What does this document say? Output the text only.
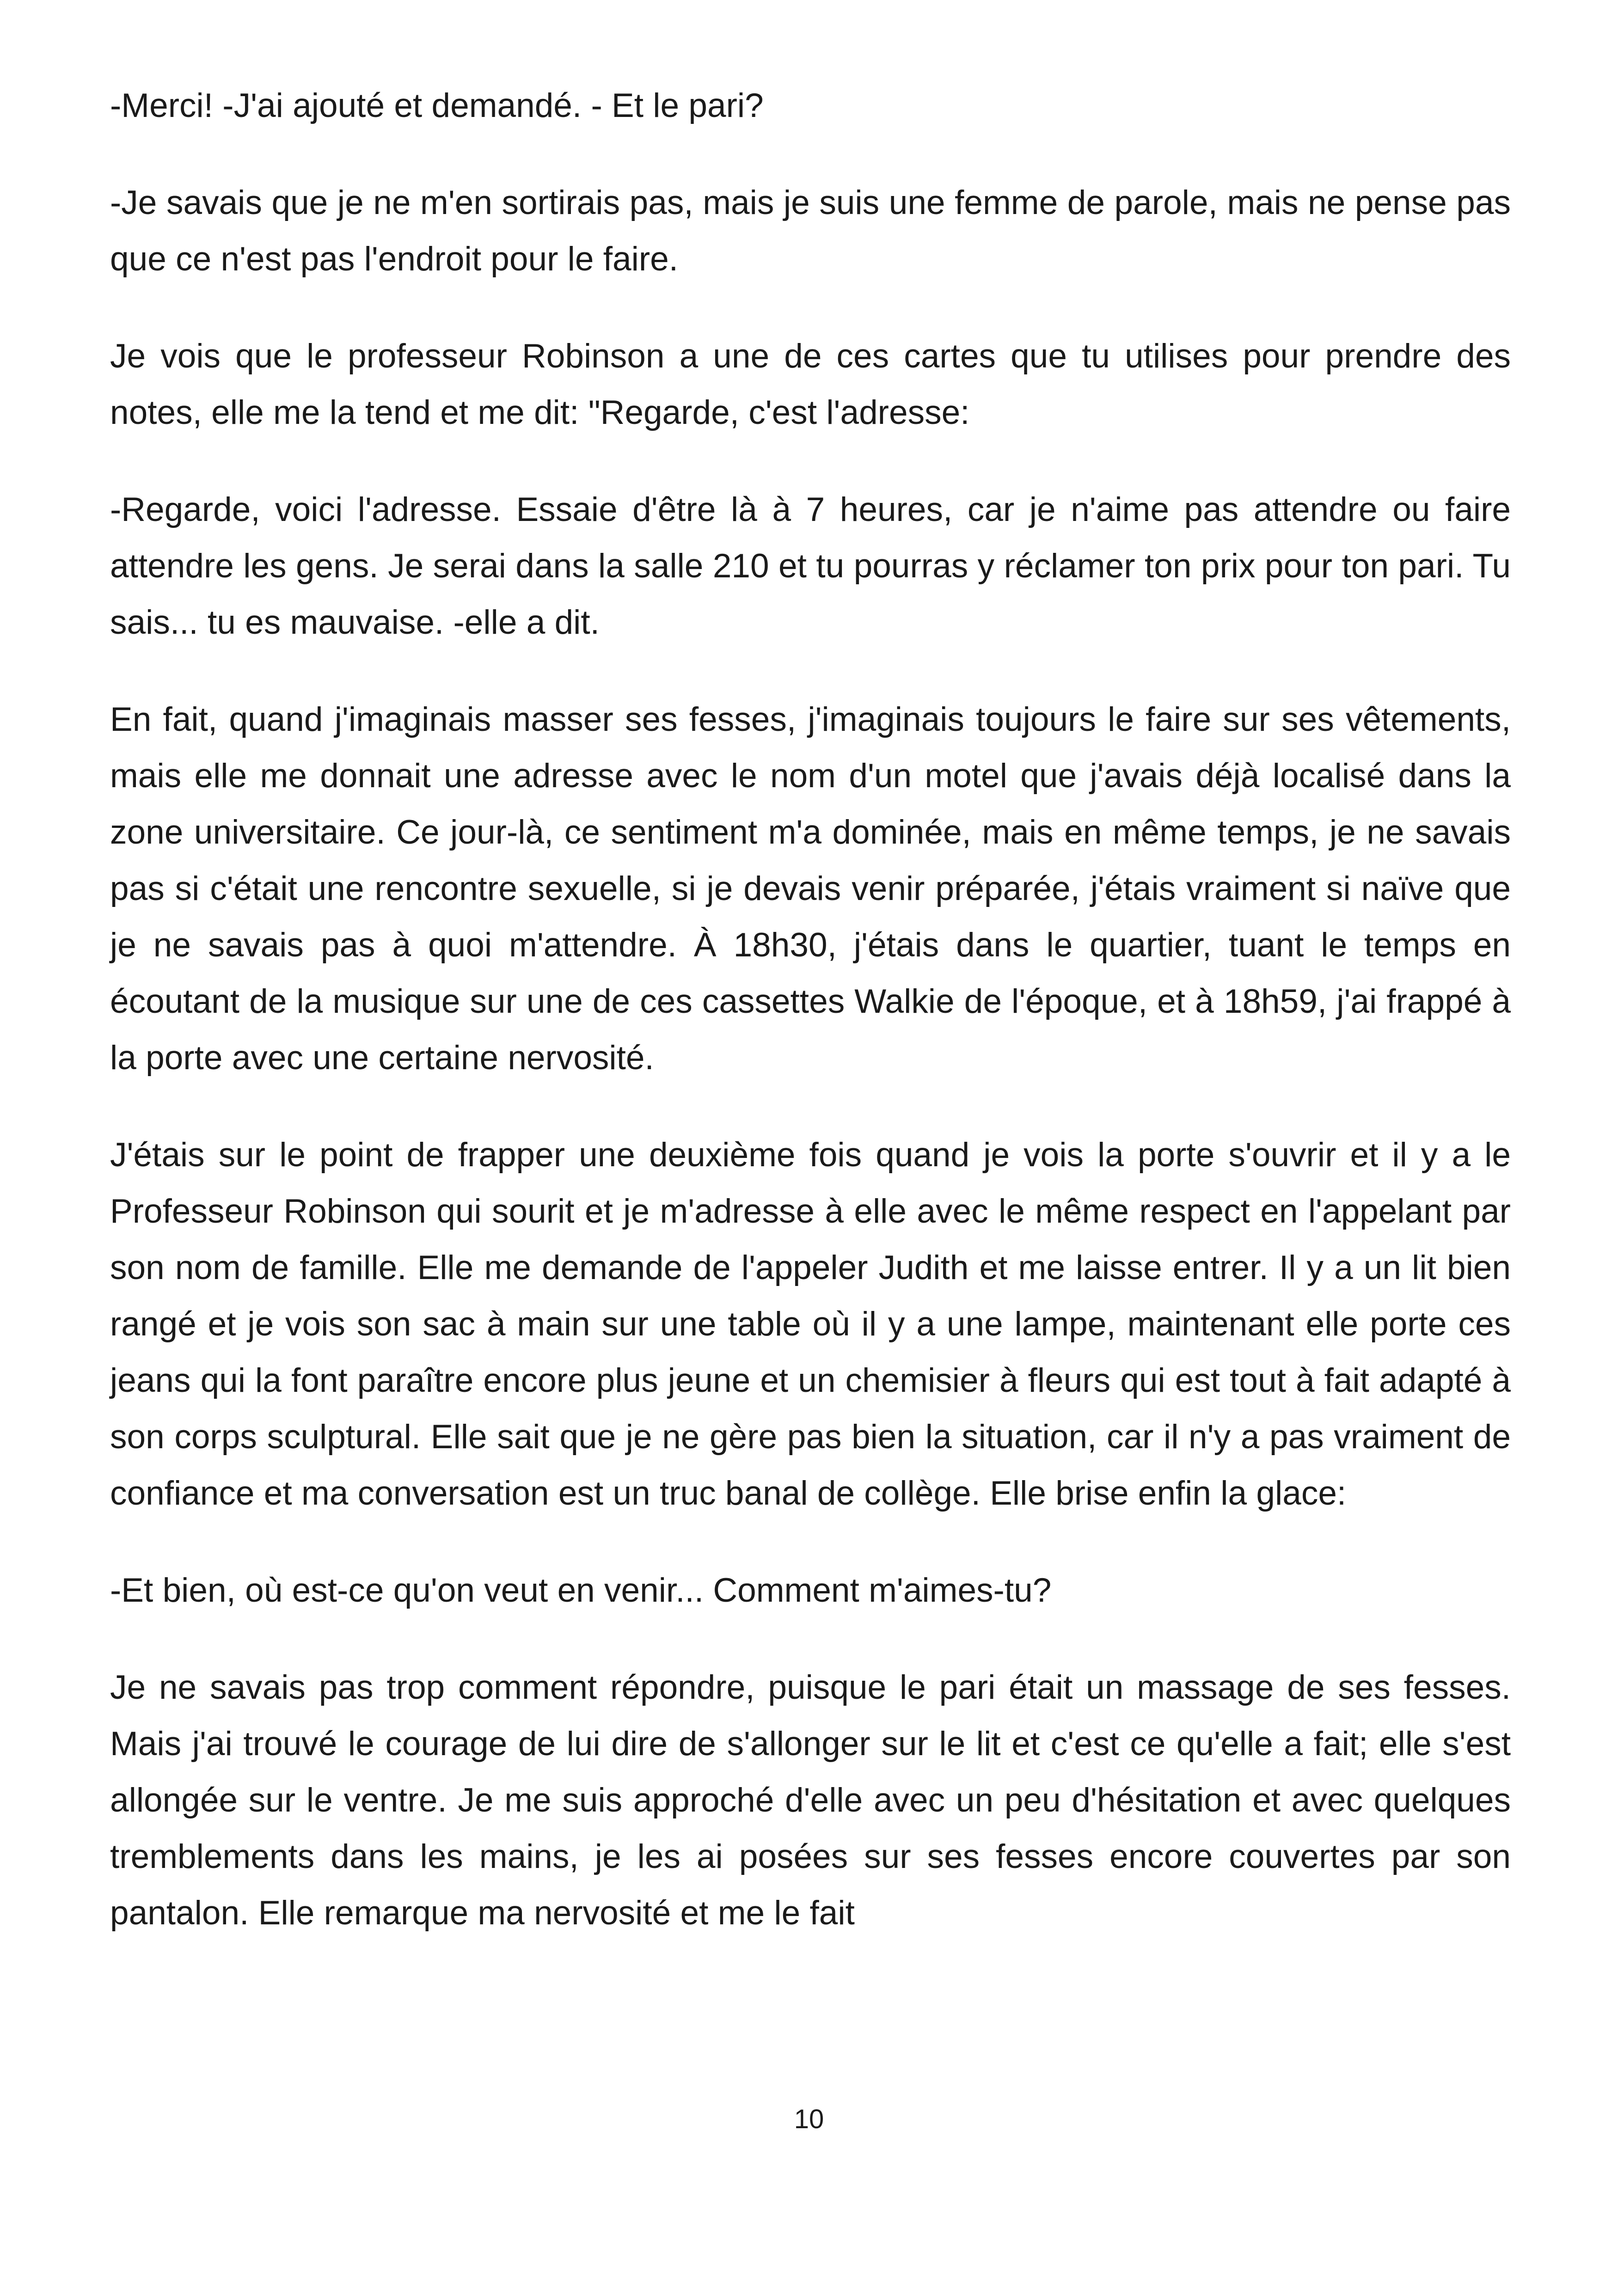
-Merci! -J'ai ajouté et demandé. - Et le pari?

-Je savais que je ne m'en sortirais pas, mais je suis une femme de parole, mais ne pense pas que ce n'est pas l'endroit pour le faire.

Je vois que le professeur Robinson a une de ces cartes que tu utilises pour prendre des notes, elle me la tend et me dit: "Regarde, c'est l'adresse:

-Regarde, voici l'adresse. Essaie d'être là à 7 heures, car je n'aime pas attendre ou faire attendre les gens. Je serai dans la salle 210 et tu pourras y réclamer ton prix pour ton pari. Tu sais... tu es mauvaise. -elle a dit.

En fait, quand j'imaginais masser ses fesses, j'imaginais toujours le faire sur ses vêtements, mais elle me donnait une adresse avec le nom d'un motel que j'avais déjà localisé dans la zone universitaire. Ce jour-là, ce sentiment m'a dominée, mais en même temps, je ne savais pas si c'était une rencontre sexuelle, si je devais venir préparée, j'étais vraiment si naïve que je ne savais pas à quoi m'attendre. À 18h30, j'étais dans le quartier, tuant le temps en écoutant de la musique sur une de ces cassettes Walkie de l'époque, et à 18h59, j'ai frappé à la porte avec une certaine nervosité.

J'étais sur le point de frapper une deuxième fois quand je vois la porte s'ouvrir et il y a le Professeur Robinson qui sourit et je m'adresse à elle avec le même respect en l'appelant par son nom de famille. Elle me demande de l'appeler Judith et me laisse entrer. Il y a un lit bien rangé et je vois son sac à main sur une table où il y a une lampe, maintenant elle porte ces jeans qui la font paraître encore plus jeune et un chemisier à fleurs qui est tout à fait adapté à son corps sculptural. Elle sait que je ne gère pas bien la situation, car il n'y a pas vraiment de confiance et ma conversation est un truc banal de collège. Elle brise enfin la glace:

-Et bien, où est-ce qu'on veut en venir... Comment m'aimes-tu?

Je ne savais pas trop comment répondre, puisque le pari était un massage de ses fesses. Mais j'ai trouvé le courage de lui dire de s'allonger sur le lit et c'est ce qu'elle a fait; elle s'est allongée sur le ventre. Je me suis approché d'elle avec un peu d'hésitation et avec quelques tremblements dans les mains, je les ai posées sur ses fesses encore couvertes par son pantalon. Elle remarque ma nervosité et me le fait

10
